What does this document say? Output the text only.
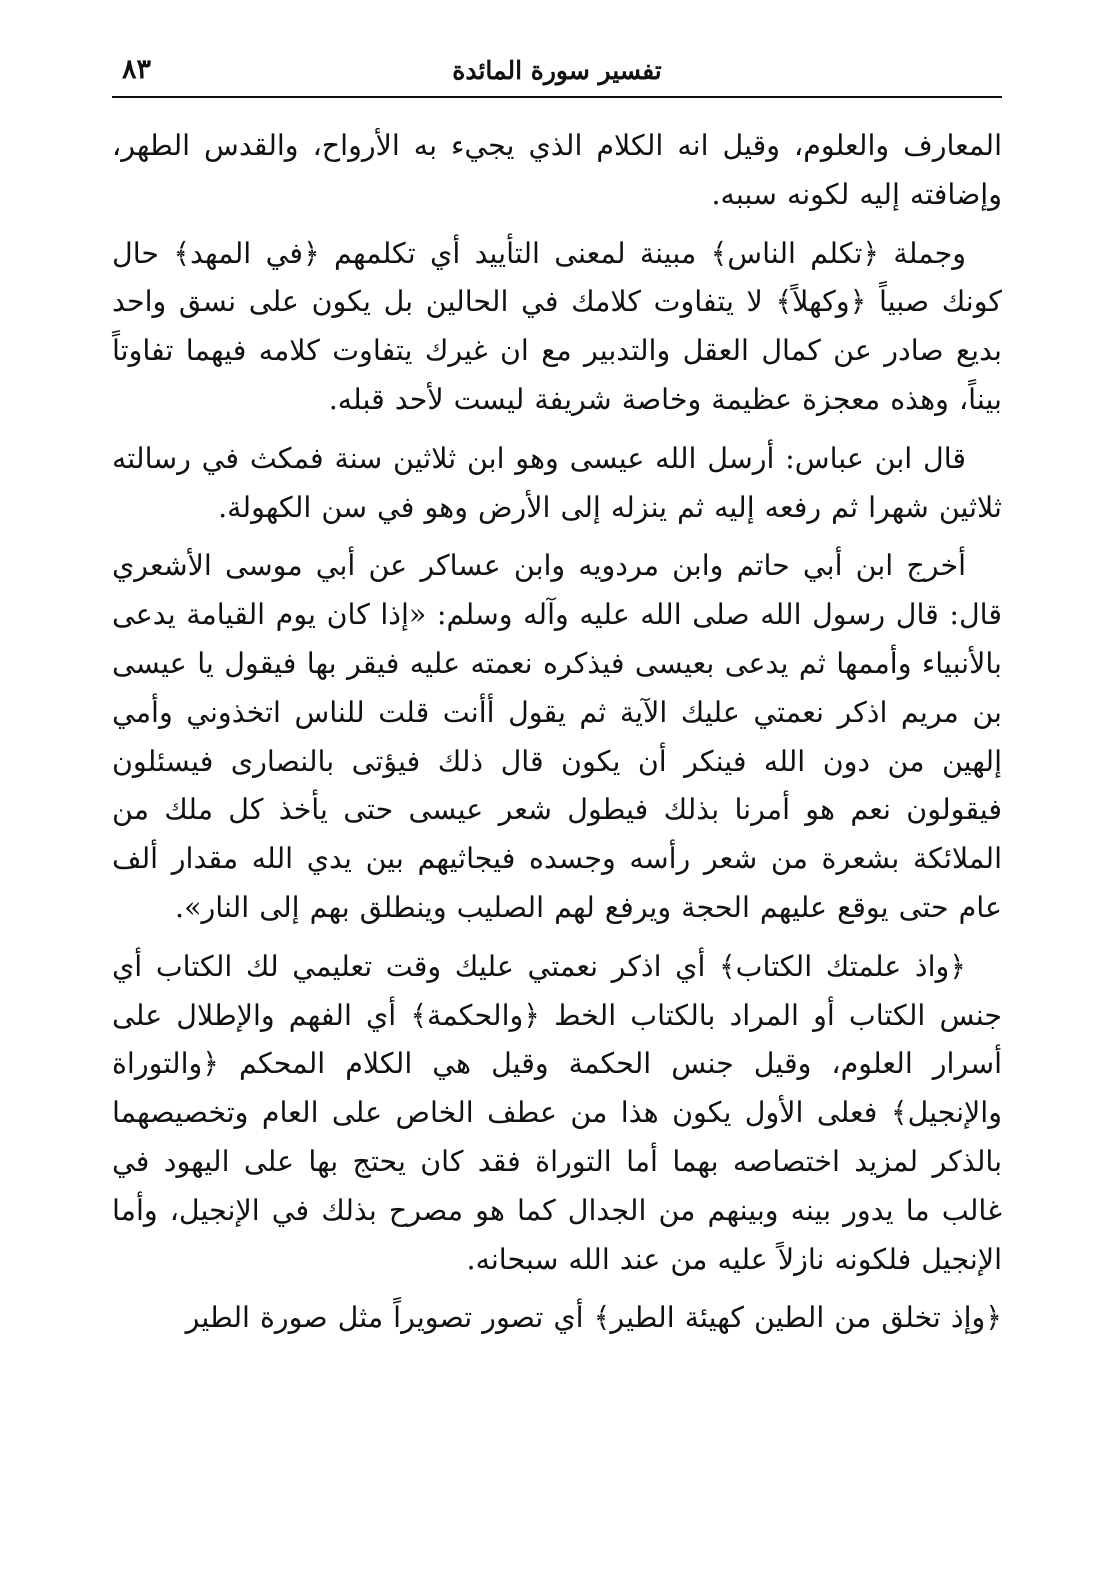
تفسير سورة المائدة
٨٣

المعارف والعلوم، وقيل انه الكلام الذي يجيء به الأرواح، والقدس الطهر، وإضافته إليه لكونه سببه.

وجملة ﴿تكلم الناس﴾ مبينة لمعنى التأييد أي تكلمهم ﴿في المهد﴾ حال كونك صبياً ﴿وكهلاً﴾ لا يتفاوت كلامك في الحالين بل يكون على نسق واحد بديع صادر عن كمال العقل والتدبير مع ان غيرك يتفاوت كلامه فيهما تفاوتاً بيناً، وهذه معجزة عظيمة وخاصة شريفة ليست لأحد قبله.

قال ابن عباس: أرسل الله عيسى وهو ابن ثلاثين سنة فمكث في رسالته ثلاثين شهرا ثم رفعه إليه ثم ينزله إلى الأرض وهو في سن الكهولة.

أخرج ابن أبي حاتم وابن مردويه وابن عساكر عن أبي موسى الأشعري قال: قال رسول الله صلى الله عليه وآله وسلم: «إذا كان يوم القيامة يدعى بالأنبياء وأممها ثم يدعى بعيسى فيذكره نعمته عليه فيقر بها فيقول يا عيسى بن مريم اذكر نعمتي عليك الآية ثم يقول أأنت قلت للناس اتخذوني وأمي إلهين من دون الله فينكر أن يكون قال ذلك فيؤتى بالنصارى فيسئلون فيقولون نعم هو أمرنا بذلك فيطول شعر عيسى حتى يأخذ كل ملك من الملائكة بشعرة من شعر رأسه وجسده فيجاثيهم بين يدي الله مقدار ألف عام حتى يوقع عليهم الحجة ويرفع لهم الصليب وينطلق بهم إلى النار».

﴿واذ علمتك الكتاب﴾ أي اذكر نعمتي عليك وقت تعليمي لك الكتاب أي جنس الكتاب أو المراد بالكتاب الخط ﴿والحكمة﴾ أي الفهم والإطلال على أسرار العلوم، وقيل جنس الحكمة وقيل هي الكلام المحكم ﴿والتوراة والإنجيل﴾ فعلى الأول يكون هذا من عطف الخاص على العام وتخصيصهما بالذكر لمزيد اختصاصه بهما أما التوراة فقد كان يحتج بها على اليهود في غالب ما يدور بينه وبينهم من الجدال كما هو مصرح بذلك في الإنجيل، وأما الإنجيل فلكونه نازلاً عليه من عند الله سبحانه.

﴿وإذ تخلق من الطين كهيئة الطير﴾ أي تصور تصويراً مثل صورة الطير
